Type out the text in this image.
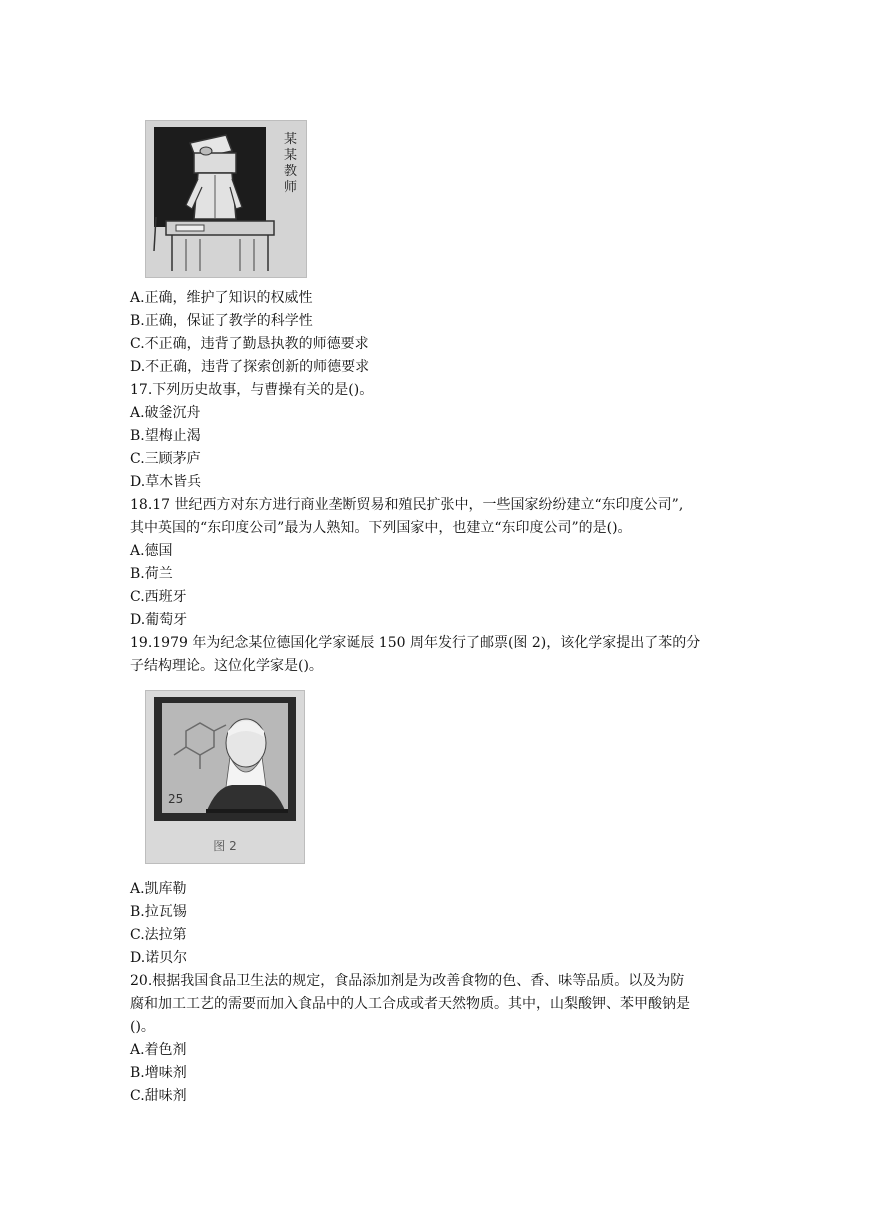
某 某 教 师
A.正确，维护了知识的权威性
B.正确，保证了教学的科学性
C.不正确，违背了勤恳执教的师德要求
D.不正确，违背了探索创新的师德要求
17.下列历史故事，与曹操有关的是()。
A.破釜沉舟
B.望梅止渴
C.三顾茅庐
D.草木皆兵
18.17 世纪西方对东方进行商业垄断贸易和殖民扩张中，一些国家纷纷建立“东印度公司”,
其中英国的“东印度公司”最为人熟知。下列国家中，也建立“东印度公司”的是()。
A.德国
B.荷兰
C.西班牙
D.葡萄牙
19.1979 年为纪念某位德国化学家诞辰 150 周年发行了邮票(图 2)，该化学家提出了苯的分
子结构理论。这位化学家是()。
25
图 2
A.凯库勒
B.拉瓦锡
C.法拉第
D.诺贝尔
20.根据我国食品卫生法的规定，食品添加剂是为改善食物的色、香、味等品质。以及为防
腐和加工工艺的需要而加入食品中的人工合成或者天然物质。其中，山梨酸钾、苯甲酸钠是
()。
A.着色剂
B.增味剂
C.甜味剂
